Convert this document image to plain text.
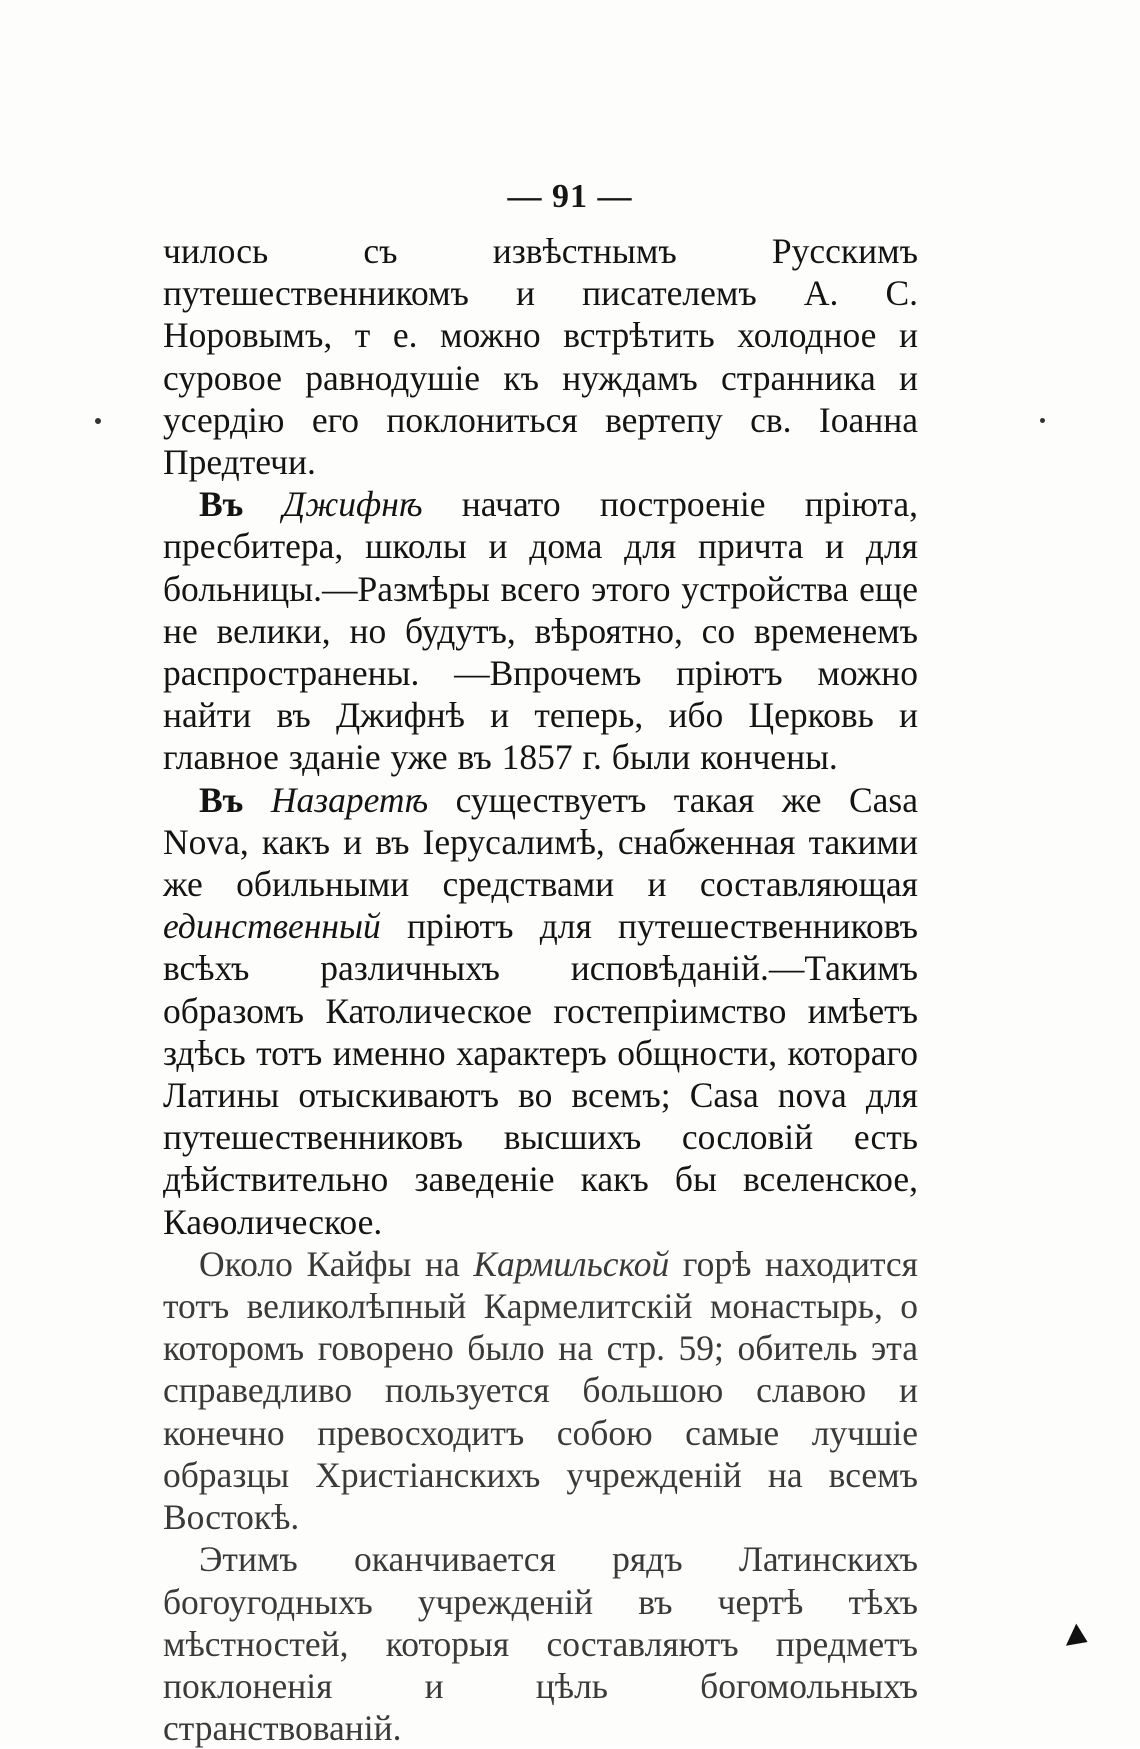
— 91 —

чилось съ извѣстнымъ Русскимъ путешественникомъ и писателемъ А. С. Норовымъ, т е. можно встрѣтить холодное и суровое равнодушіе къ нуждамъ странника и усердію его поклониться вертепу св. Іоанна Предтечи.

Въ Джифнѣ начато построеніе пріюта, пресбитера, школы и дома для причта и для больницы.—Размѣры всего этого устройства еще не велики, но будутъ, вѣроятно, со временемъ распространены. —Впрочемъ пріютъ можно найти въ Джифнѣ и теперь, ибо Церковь и главное зданіе уже въ 1857 г. были кончены.

Въ Назаретѣ существуетъ такая же Casa Nova, какъ и въ Іерусалимѣ, снабженная такими же обильными средствами и составляющая единственный пріютъ для путешественниковъ всѣхъ различныхъ исповѣданій.—Такимъ образомъ Католическое гостепріимство имѣетъ здѣсь тотъ именно характеръ общности, котораго Латины отыскиваютъ во всемъ; Casa nova для путешественниковъ высшихъ сословій есть дѣйствительно заведеніе какъ бы вселенское, Каѳолическое.

Около Кайфы на Кармильской горѣ находится тотъ великолѣпный Кармелитскій монастырь, о которомъ говорено было на стр. 59; обитель эта справедливо пользуется большою славою и конечно превосходитъ собою самые лучшіе образцы Христіанскихъ учрежденій на всемъ Востокѣ.

Этимъ оканчивается рядъ Латинскихъ богоугодныхъ учрежденій въ чертѣ тѣхъ мѣстностей, которыя составляютъ предметъ поклоненія и цѣль богомольныхъ странствованій.
